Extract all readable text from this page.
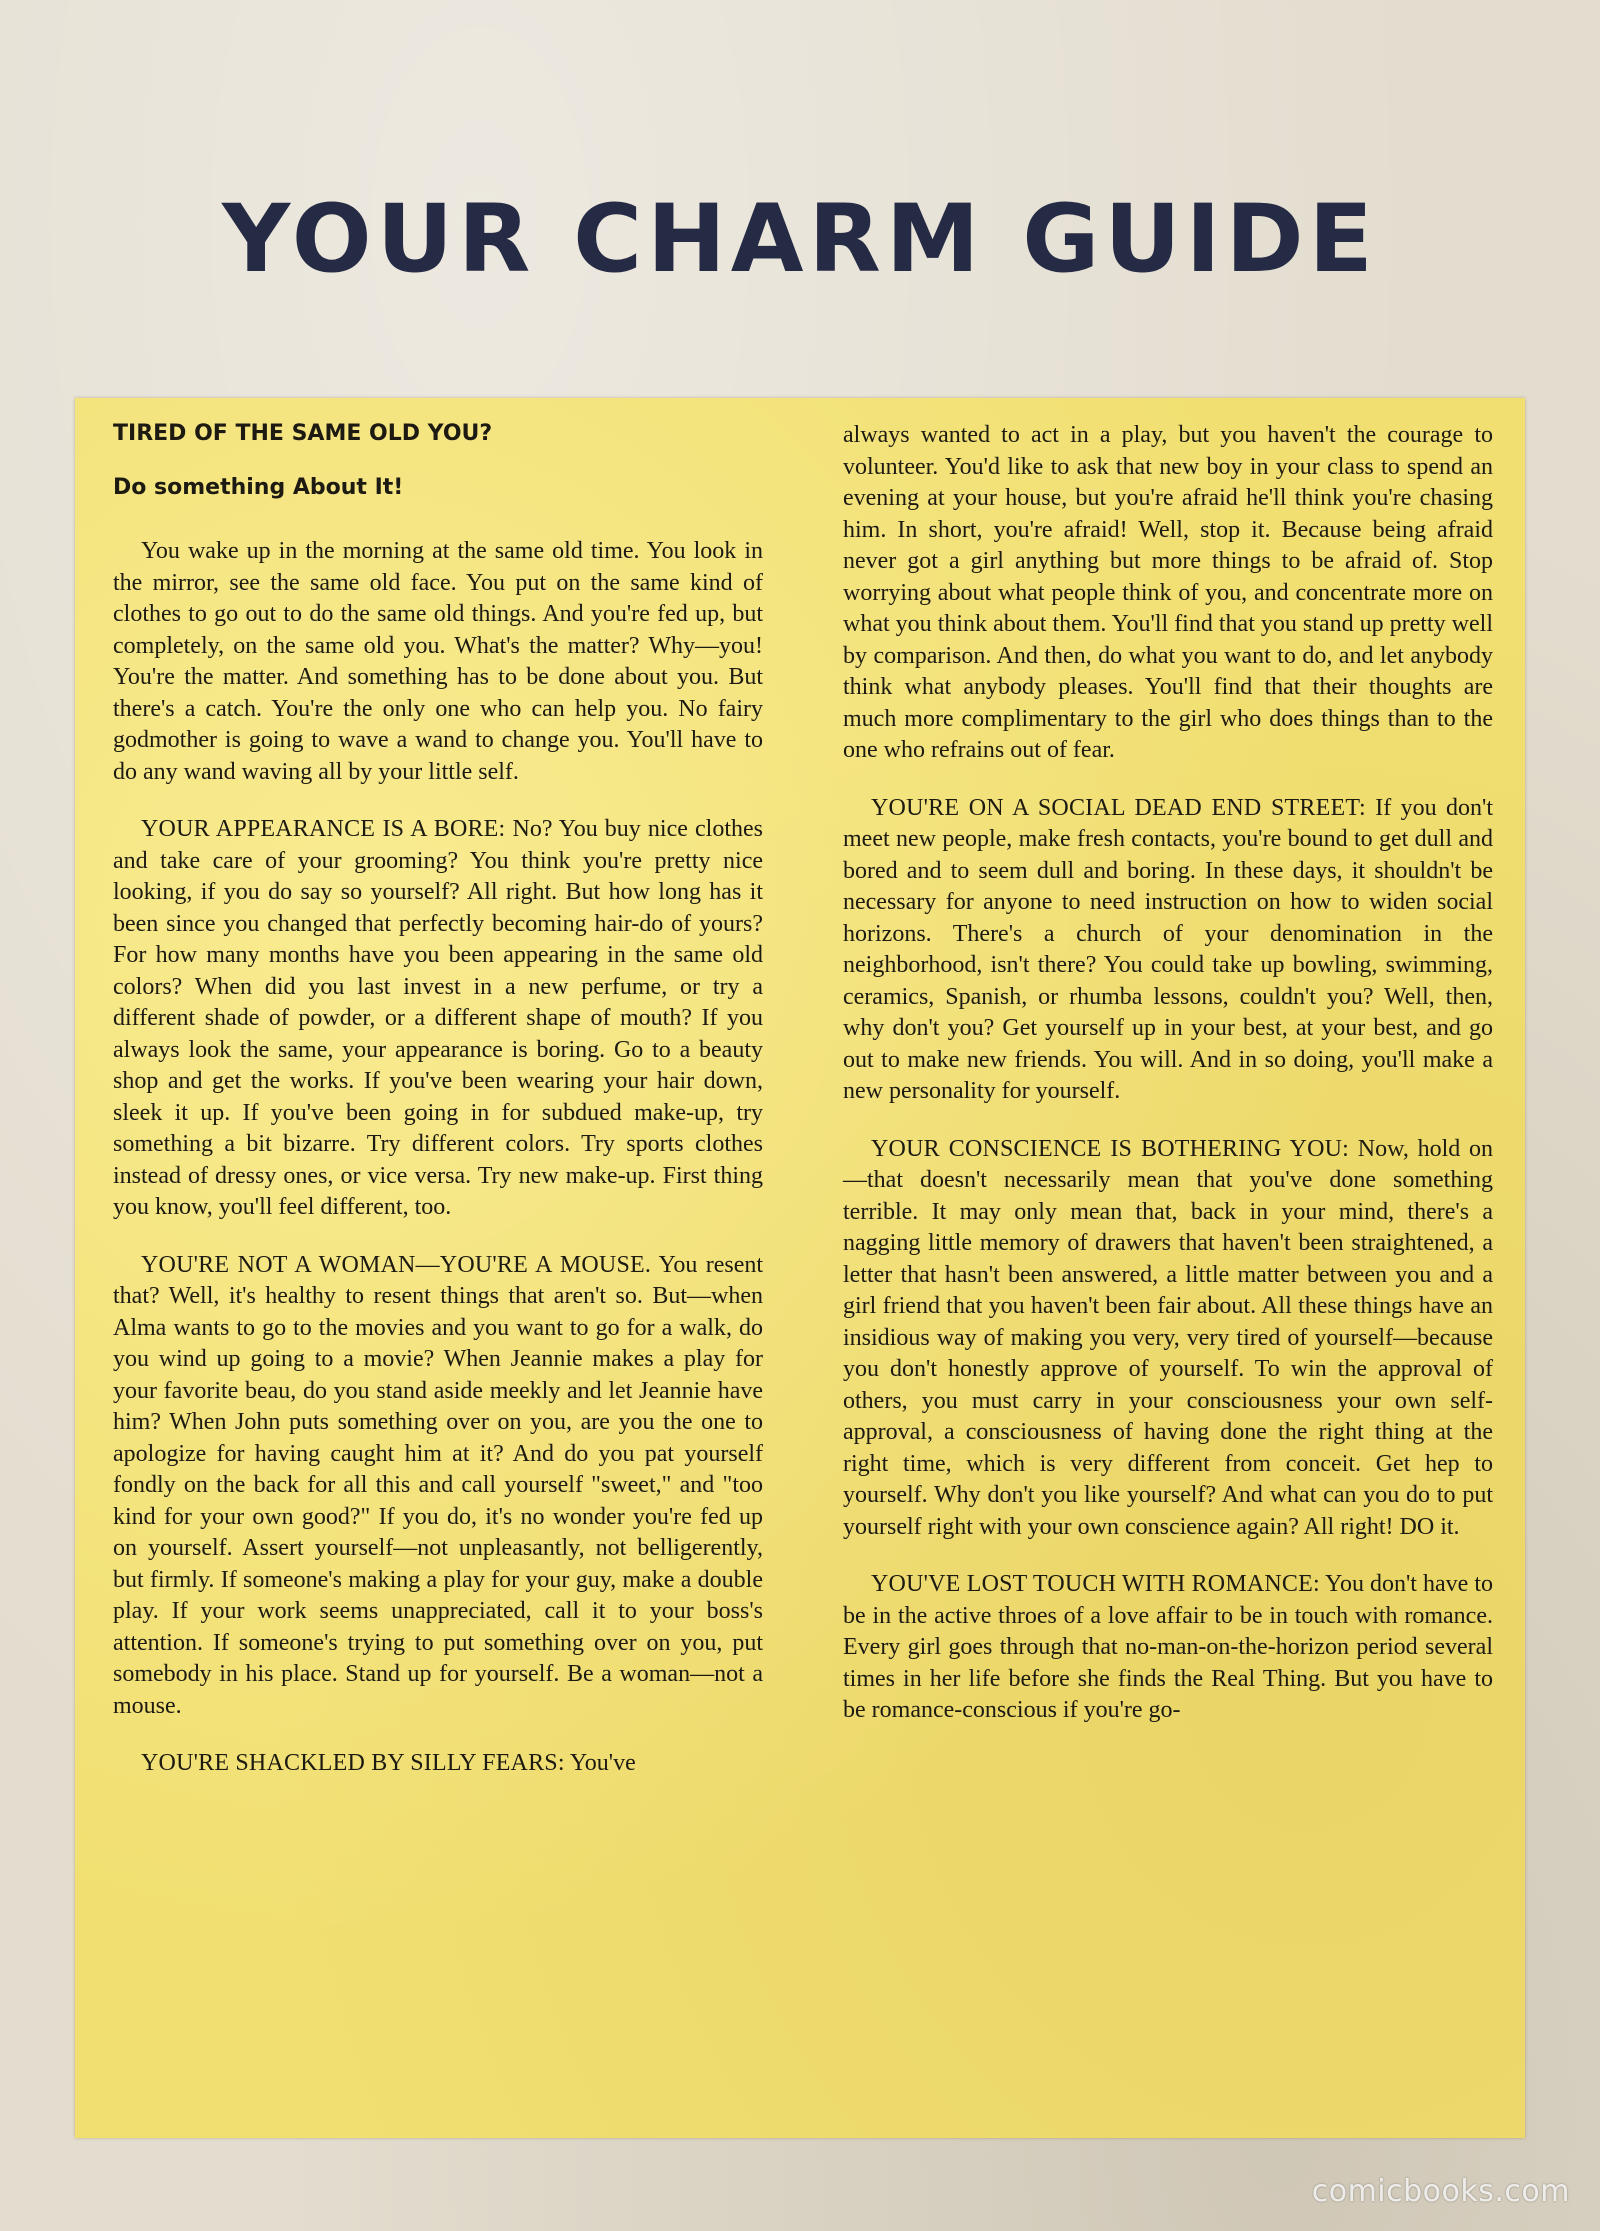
YOUR CHARM GUIDE
TIRED OF THE SAME OLD YOU?
Do something About It!

You wake up in the morning at the same old time. You look in the mirror, see the same old face. You put on the same kind of clothes to go out to do the same old things. And you're fed up, but completely, on the same old you. What's the matter? Why—you! You're the matter. And something has to be done about you. But there's a catch. You're the only one who can help you. No fairy godmother is going to wave a wand to change you. You'll have to do any wand waving all by your little self.

YOUR APPEARANCE IS A BORE: No? You buy nice clothes and take care of your grooming? You think you're pretty nice looking, if you do say so yourself? All right. But how long has it been since you changed that perfectly becoming hair-do of yours? For how many months have you been appearing in the same old colors? When did you last invest in a new perfume, or try a different shade of powder, or a different shape of mouth? If you always look the same, your appearance is boring. Go to a beauty shop and get the works. If you've been wearing your hair down, sleek it up. If you've been going in for subdued make-up, try something a bit bizarre. Try different colors. Try sports clothes instead of dressy ones, or vice versa. Try new make-up. First thing you know, you'll feel different, too.

YOU'RE NOT A WOMAN—YOU'RE A MOUSE. You resent that? Well, it's healthy to resent things that aren't so. But—when Alma wants to go to the movies and you want to go for a walk, do you wind up going to a movie? When Jeannie makes a play for your favorite beau, do you stand aside meekly and let Jeannie have him? When John puts something over on you, are you the one to apologize for having caught him at it? And do you pat yourself fondly on the back for all this and call yourself "sweet," and "too kind for your own good?" If you do, it's no wonder you're fed up on yourself. Assert yourself—not unpleasantly, not belligerently, but firmly. If someone's making a play for your guy, make a double play. If your work seems unappreciated, call it to your boss's attention. If someone's trying to put something over on you, put somebody in his place. Stand up for yourself. Be a woman—not a mouse.

YOU'RE SHACKLED BY SILLY FEARS: You've

always wanted to act in a play, but you haven't the courage to volunteer. You'd like to ask that new boy in your class to spend an evening at your house, but you're afraid he'll think you're chasing him. In short, you're afraid! Well, stop it. Because being afraid never got a girl anything but more things to be afraid of. Stop worrying about what people think of you, and concentrate more on what you think about them. You'll find that you stand up pretty well by comparison. And then, do what you want to do, and let anybody think what anybody pleases. You'll find that their thoughts are much more complimentary to the girl who does things than to the one who refrains out of fear.

YOU'RE ON A SOCIAL DEAD END STREET: If you don't meet new people, make fresh contacts, you're bound to get dull and bored and to seem dull and boring. In these days, it shouldn't be necessary for anyone to need instruction on how to widen social horizons. There's a church of your denomination in the neighborhood, isn't there? You could take up bowling, swimming, ceramics, Spanish, or rhumba lessons, couldn't you? Well, then, why don't you? Get yourself up in your best, at your best, and go out to make new friends. You will. And in so doing, you'll make a new personality for yourself.

YOUR CONSCIENCE IS BOTHERING YOU: Now, hold on—that doesn't necessarily mean that you've done something terrible. It may only mean that, back in your mind, there's a nagging little memory of drawers that haven't been straightened, a letter that hasn't been answered, a little matter between you and a girl friend that you haven't been fair about. All these things have an insidious way of making you very, very tired of yourself—because you don't honestly approve of yourself. To win the approval of others, you must carry in your consciousness your own self-approval, a consciousness of having done the right thing at the right time, which is very different from conceit. Get hep to yourself. Why don't you like yourself? And what can you do to put yourself right with your own conscience again? All right! DO it.

YOU'VE LOST TOUCH WITH ROMANCE: You don't have to be in the active throes of a love affair to be in touch with romance. Every girl goes through that no-man-on-the-horizon period several times in her life before she finds the Real Thing. But you have to be romance-conscious if you're go-

comicbooks.com
